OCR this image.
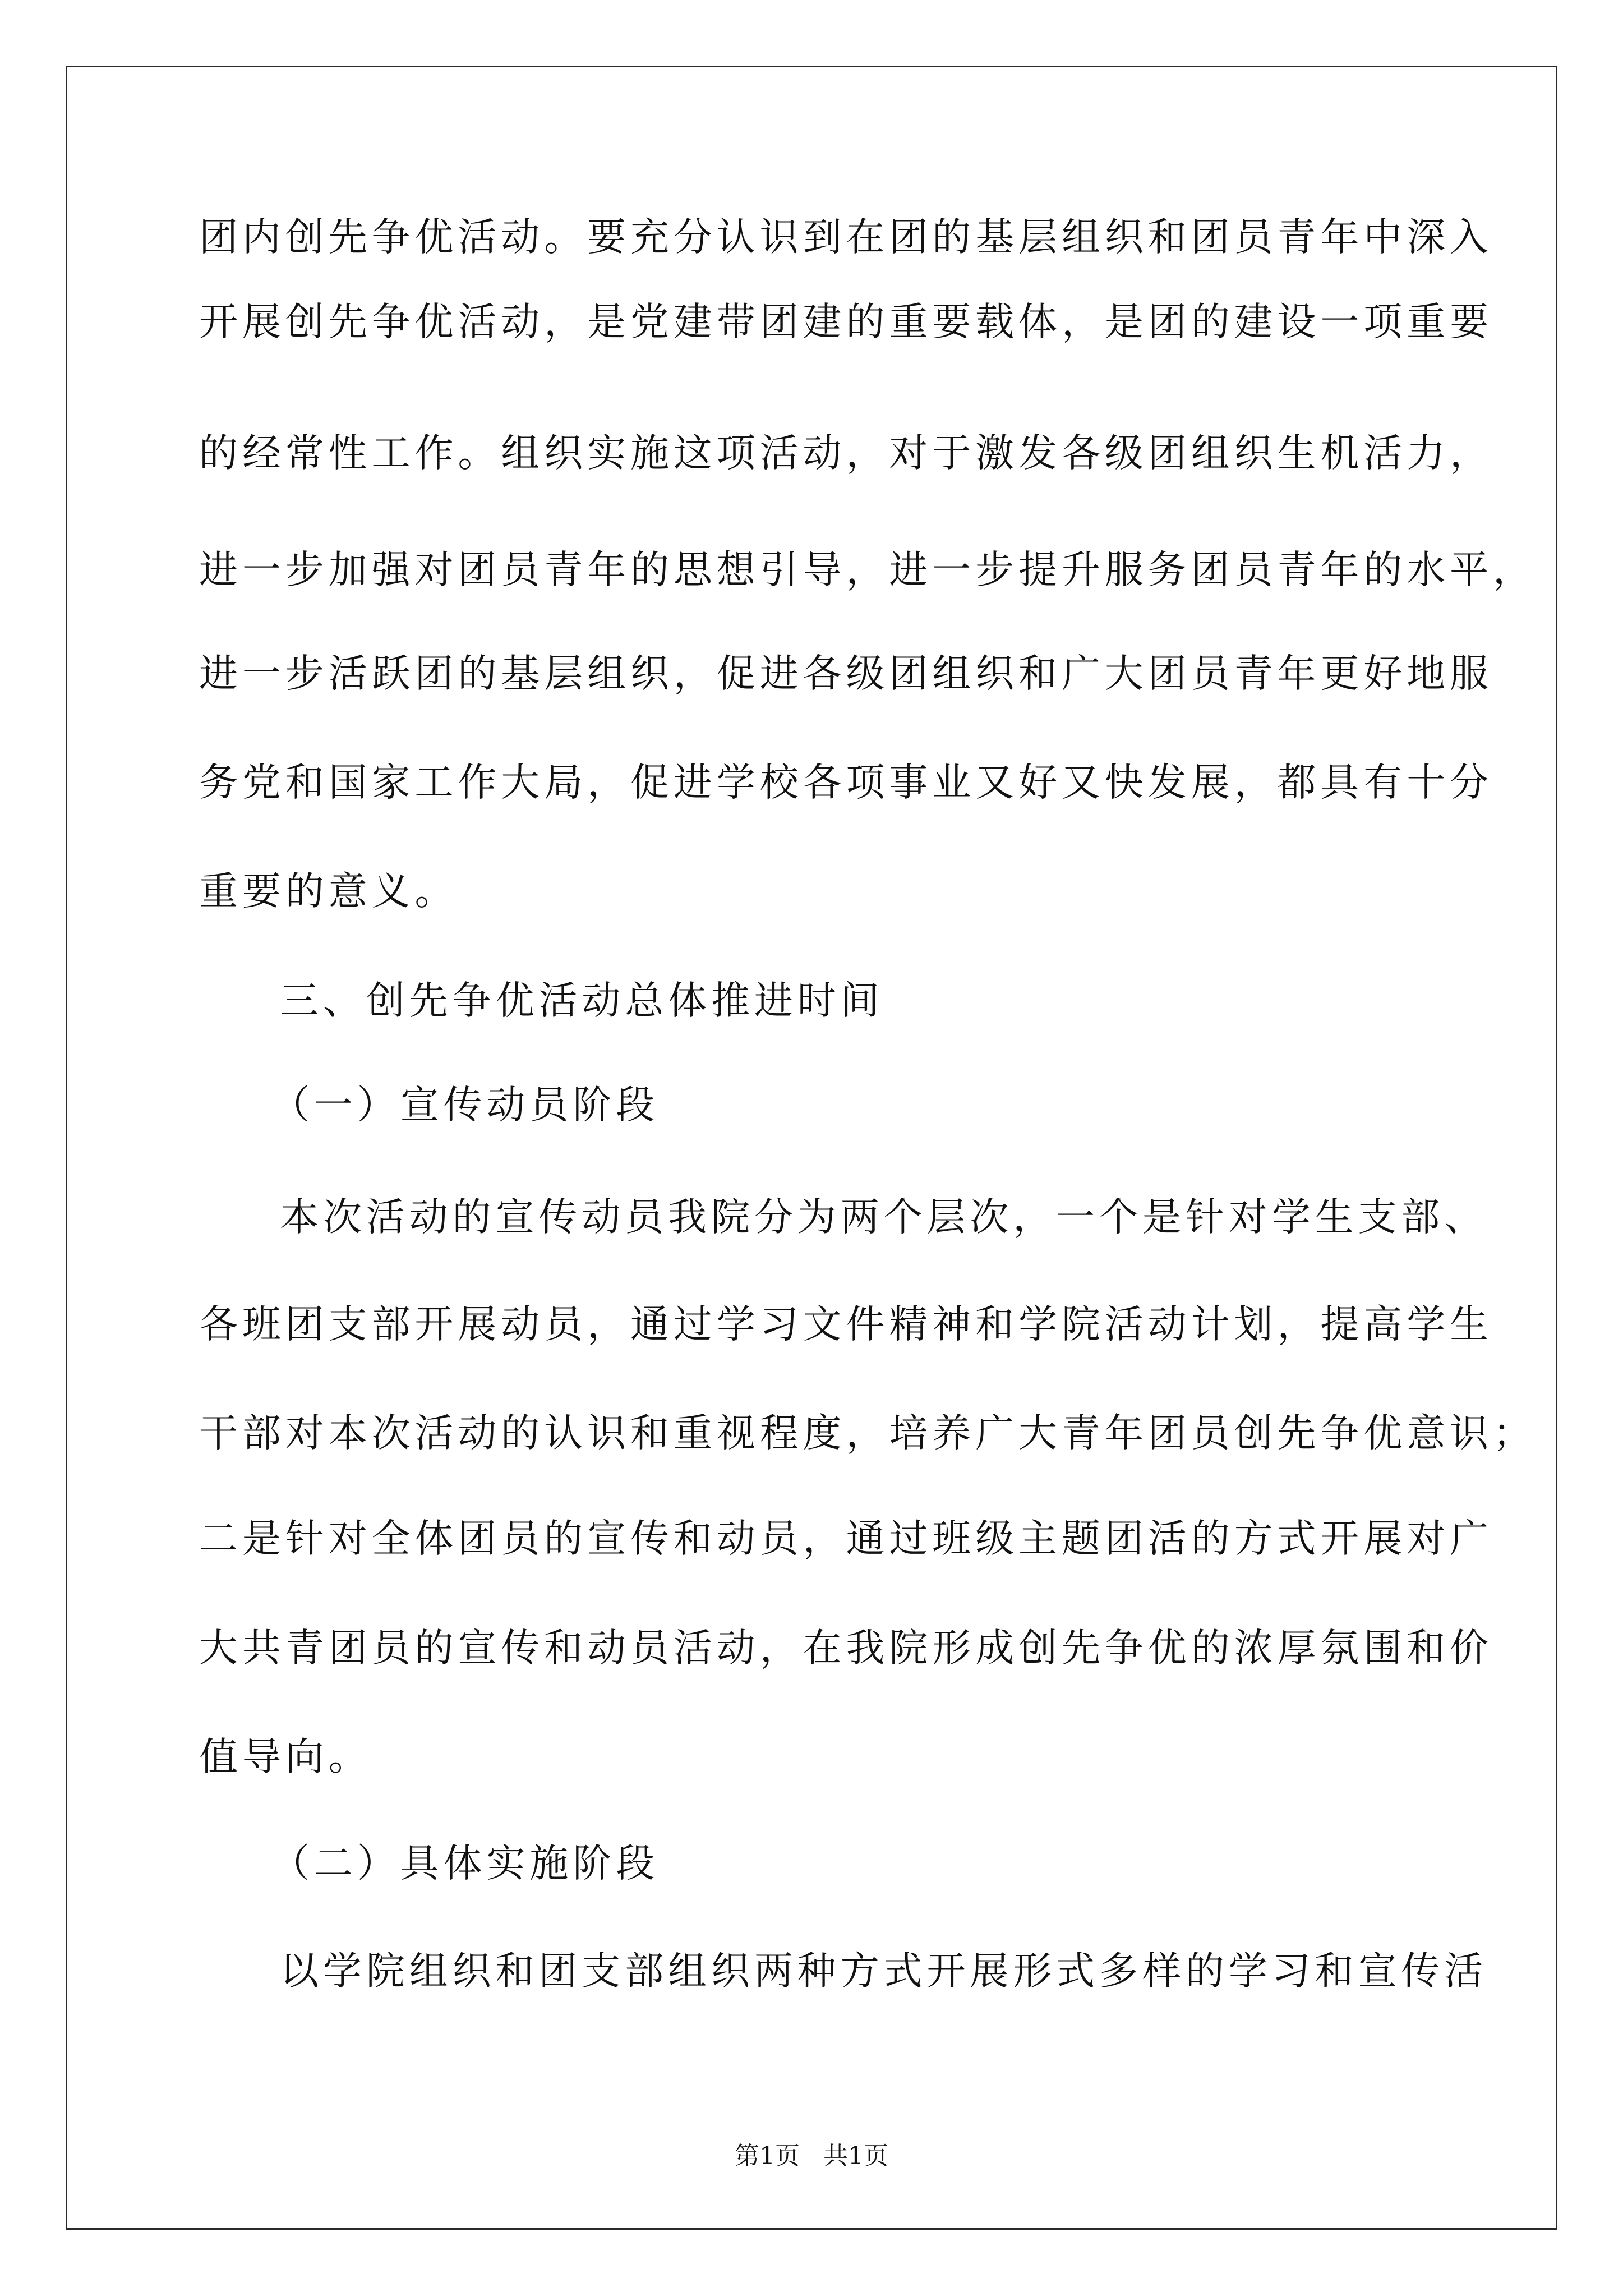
团内创先争优活动。要充分认识到在团的基层组织和团员青年中深入
开展创先争优活动，是党建带团建的重要载体，是团的建设一项重要
的经常性工作。组织实施这项活动，对于激发各级团组织生机活力，
进一步加强对团员青年的思想引导，进一步提升服务团员青年的水平，
进一步活跃团的基层组织，促进各级团组织和广大团员青年更好地服
务党和国家工作大局，促进学校各项事业又好又快发展，都具有十分
重要的意义。
三、创先争优活动总体推进时间
（一）宣传动员阶段
本次活动的宣传动员我院分为两个层次，一个是针对学生支部、
各班团支部开展动员，通过学习文件精神和学院活动计划，提高学生
干部对本次活动的认识和重视程度，培养广大青年团员创先争优意识；
二是针对全体团员的宣传和动员，通过班级主题团活的方式开展对广
大共青团员的宣传和动员活动，在我院形成创先争优的浓厚氛围和价
值导向。
（二）具体实施阶段
以学院组织和团支部组织两种方式开展形式多样的学习和宣传活
第1页 共1页
